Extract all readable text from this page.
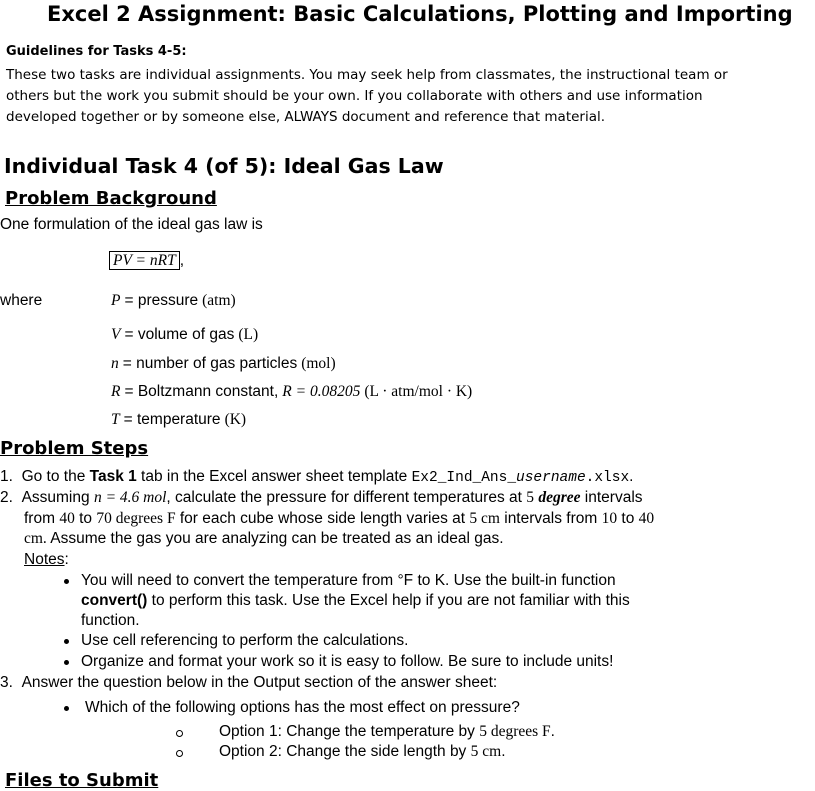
Excel 2 Assignment: Basic Calculations, Plotting and Importing
Guidelines for Tasks 4-5:
These two tasks are individual assignments. You may seek help from classmates, the instructional team or
others but the work you submit should be your own. If you collaborate with others and use information
developed together or by someone else, ALWAYS document and reference that material.
Individual Task 4 (of 5): Ideal Gas Law
Problem Background
One formulation of the ideal gas law is
PV = nRT ,
where	P = pressure (atm)
V = volume of gas (L)
n = number of gas particles (mol)
R = Boltzmann constant, R = 0.08205 (L · atm/mol · K)
T = temperature (K)
Problem Steps
1. Go to the Task 1 tab in the Excel answer sheet template Ex2_Ind_Ans_username.xlsx.
2. Assuming n = 4.6 mol, calculate the pressure for different temperatures at 5 degree intervals
from 40 to 70 degrees F for each cube whose side length varies at 5 cm intervals from 10 to 40
cm. Assume the gas you are analyzing can be treated as an ideal gas.
Notes:
You will need to convert the temperature from °F to K. Use the built-in function
convert() to perform this task. Use the Excel help if you are not familiar with this
function.
Use cell referencing to perform the calculations.
Organize and format your work so it is easy to follow. Be sure to include units!
3. Answer the question below in the Output section of the answer sheet:
Which of the following options has the most effect on pressure?
Option 1: Change the temperature by 5 degrees F.
Option 2: Change the side length by 5 cm.
Files to Submit
